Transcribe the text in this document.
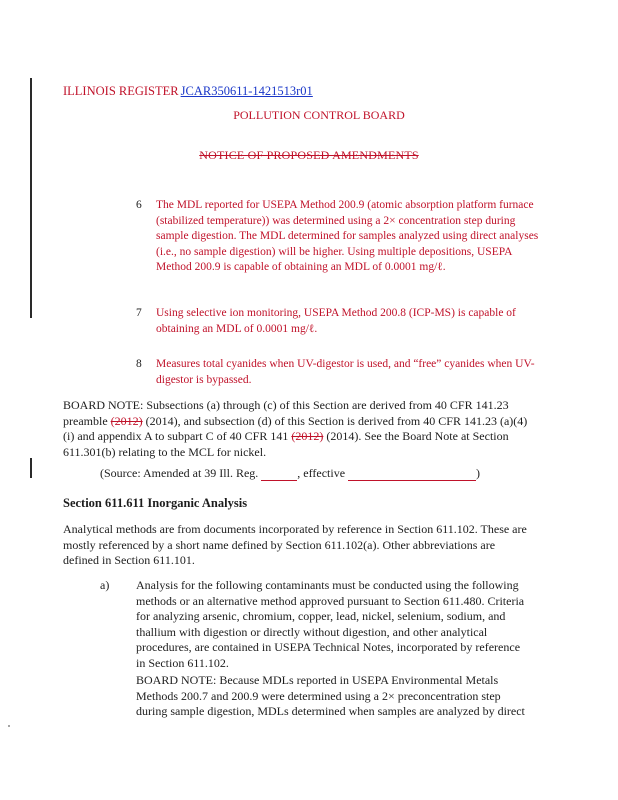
ILLINOIS REGISTER JCAR350611-1421513r01
POLLUTION CONTROL BOARD
NOTICE OF PROPOSED AMENDMENTS
6 The MDL reported for USEPA Method 200.9 (atomic absorption platform furnace (stabilized temperature)) was determined using a 2× concentration step during sample digestion. The MDL determined for samples analyzed using direct analyses (i.e., no sample digestion) will be higher. Using multiple depositions, USEPA Method 200.9 is capable of obtaining an MDL of 0.0001 mg/ℓ.
7 Using selective ion monitoring, USEPA Method 200.8 (ICP-MS) is capable of obtaining an MDL of 0.0001 mg/ℓ.
8 Measures total cyanides when UV-digestor is used, and “free” cyanides when UV-digestor is bypassed.
BOARD NOTE: Subsections (a) through (c) of this Section are derived from 40 CFR 141.23 preamble (2012) (2014), and subsection (d) of this Section is derived from 40 CFR 141.23 (a)(4)(i) and appendix A to subpart C of 40 CFR 141 (2012) (2014). See the Board Note at Section 611.301(b) relating to the MCL for nickel.
(Source: Amended at 39 Ill. Reg.	, effective	)
Section 611.611 Inorganic Analysis
Analytical methods are from documents incorporated by reference in Section 611.102. These are mostly referenced by a short name defined by Section 611.102(a). Other abbreviations are defined in Section 611.101.
a) Analysis for the following contaminants must be conducted using the following methods or an alternative method approved pursuant to Section 611.480. Criteria for analyzing arsenic, chromium, copper, lead, nickel, selenium, sodium, and thallium with digestion or directly without digestion, and other analytical procedures, are contained in USEPA Technical Notes, incorporated by reference in Section 611.102.
BOARD NOTE: Because MDLs reported in USEPA Environmental Metals Methods 200.7 and 200.9 were determined using a 2× preconcentration step during sample digestion, MDLs determined when samples are analyzed by direct
